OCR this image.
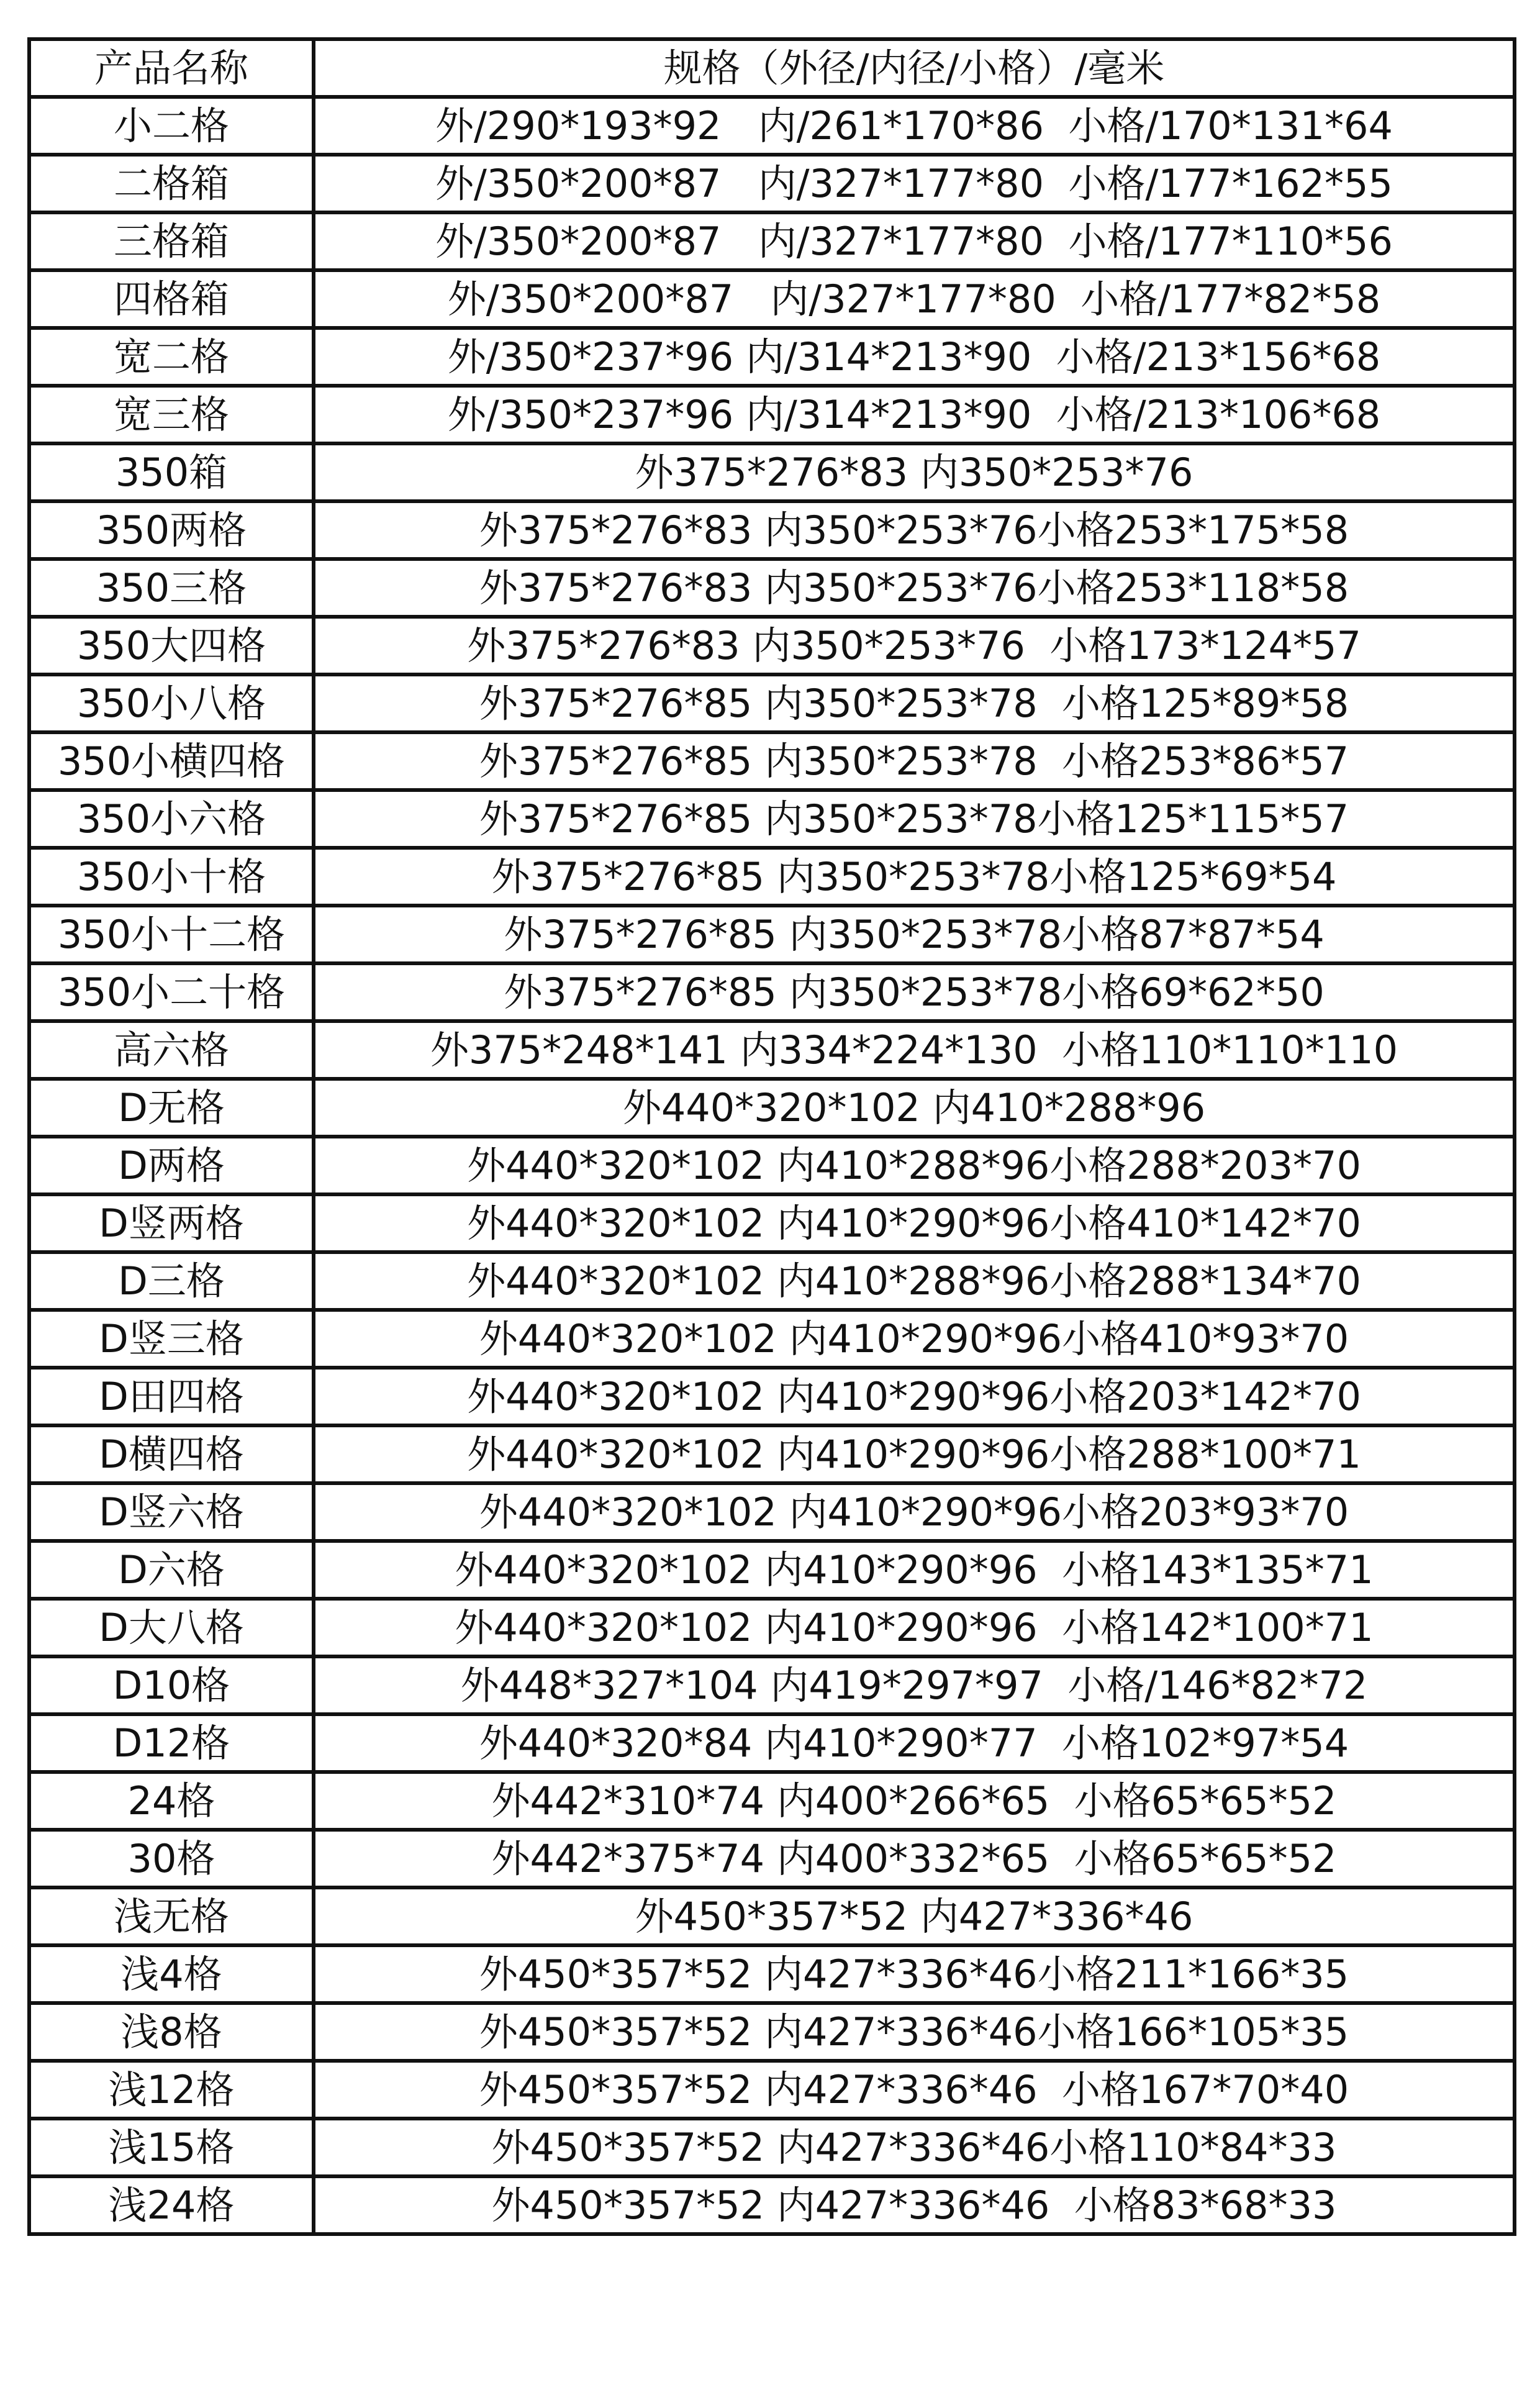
产品名称	规格（外径/内径/小格）/毫米
小二格	外/290*193*92   内/261*170*86  小格/170*131*64
二格箱	外/350*200*87   内/327*177*80  小格/177*162*55
三格箱	外/350*200*87   内/327*177*80  小格/177*110*56
四格箱	外/350*200*87   内/327*177*80  小格/177*82*58
宽二格	外/350*237*96 内/314*213*90  小格/213*156*68
宽三格	外/350*237*96 内/314*213*90  小格/213*106*68
350箱	外375*276*83 内350*253*76
350两格	外375*276*83 内350*253*76小格253*175*58
350三格	外375*276*83 内350*253*76小格253*118*58
350大四格	外375*276*83 内350*253*76  小格173*124*57
350小八格	外375*276*85 内350*253*78  小格125*89*58
350小横四格	外375*276*85 内350*253*78  小格253*86*57
350小六格	外375*276*85 内350*253*78小格125*115*57
350小十格	外375*276*85 内350*253*78小格125*69*54
350小十二格	外375*276*85 内350*253*78小格87*87*54
350小二十格	外375*276*85 内350*253*78小格69*62*50
高六格	外375*248*141 内334*224*130  小格110*110*110
D无格	外440*320*102 内410*288*96
D两格	外440*320*102 内410*288*96小格288*203*70
D竖两格	外440*320*102 内410*290*96小格410*142*70
D三格	外440*320*102 内410*288*96小格288*134*70
D竖三格	外440*320*102 内410*290*96小格410*93*70
D田四格	外440*320*102 内410*290*96小格203*142*70
D横四格	外440*320*102 内410*290*96小格288*100*71
D竖六格	外440*320*102 内410*290*96小格203*93*70
D六格	外440*320*102 内410*290*96  小格143*135*71
D大八格	外440*320*102 内410*290*96  小格142*100*71
D10格	外448*327*104 内419*297*97  小格/146*82*72
D12格	外440*320*84 内410*290*77  小格102*97*54
24格	外442*310*74 内400*266*65  小格65*65*52
30格	外442*375*74 内400*332*65  小格65*65*52
浅无格	外450*357*52 内427*336*46
浅4格	外450*357*52 内427*336*46小格211*166*35
浅8格	外450*357*52 内427*336*46小格166*105*35
浅12格	外450*357*52 内427*336*46  小格167*70*40
浅15格	外450*357*52 内427*336*46小格110*84*33
浅24格	外450*357*52 内427*336*46  小格83*68*33
